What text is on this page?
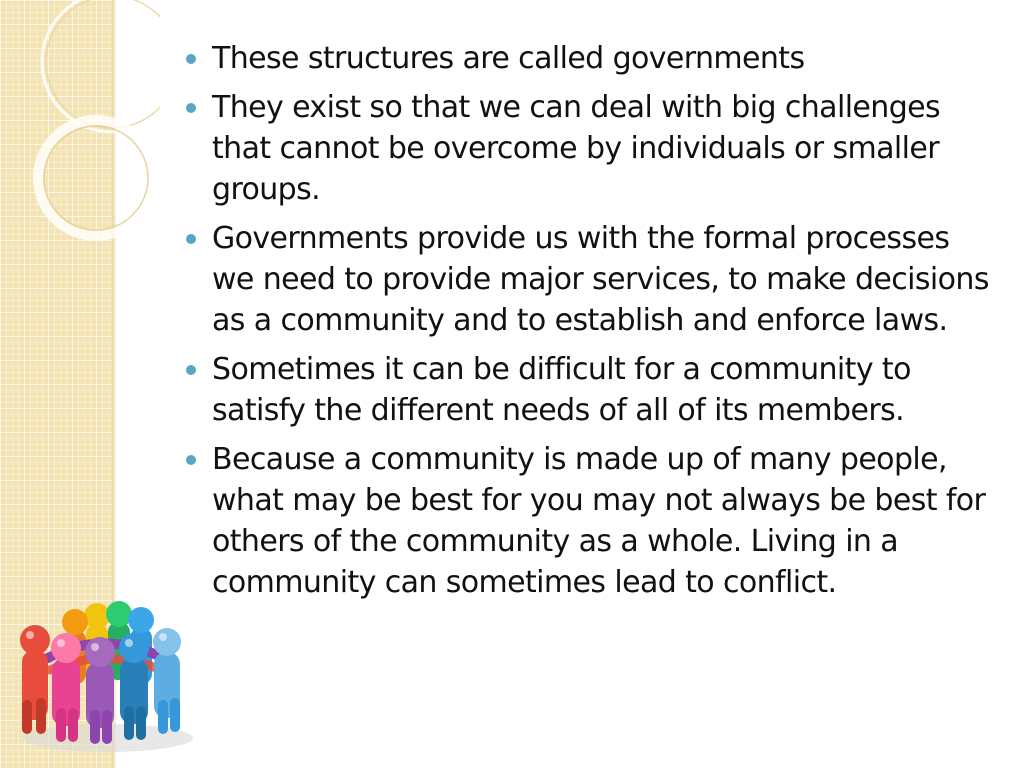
These structures are called governments
They exist so that we can deal with big challenges that cannot be overcome by individuals or smaller groups.
Governments provide us with the formal processes we need to provide major services, to make decisions as a community and to establish and enforce laws.
Sometimes it can be difficult for a community to satisfy the different needs of all of its members.
Because a community is made up of many people, what may be best for you may not always be best for others of the community as a whole. Living in a community can sometimes lead to conflict.
